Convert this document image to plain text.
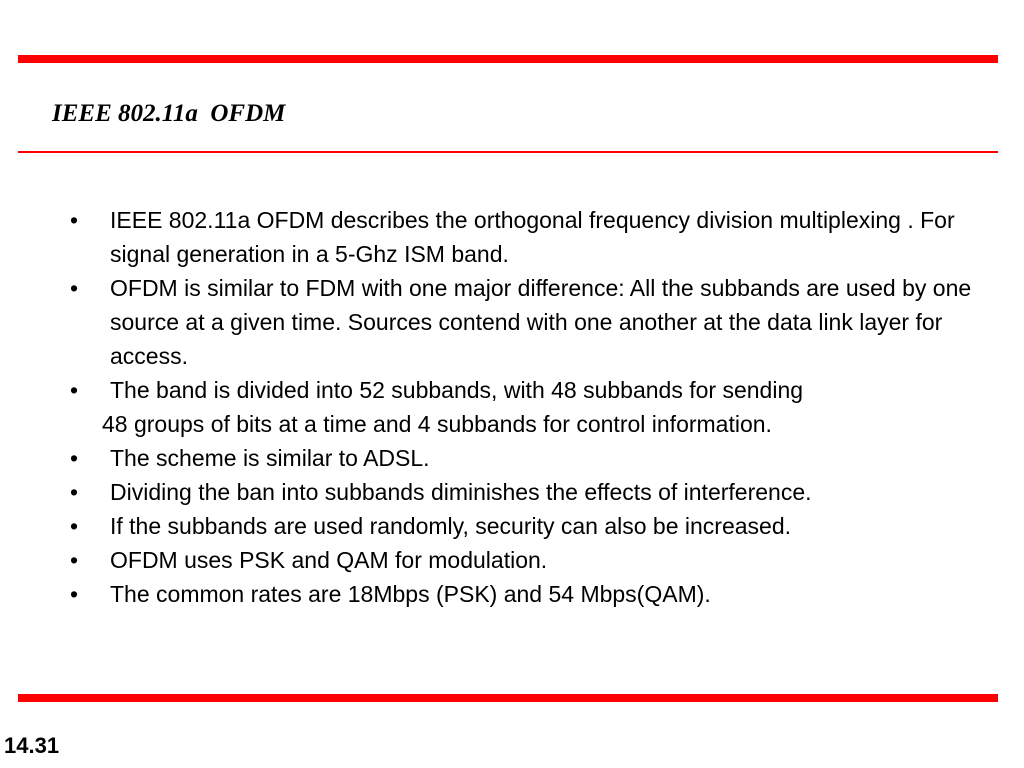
IEEE 802.11a  OFDM
•	IEEE 802.11a OFDM describes the orthogonal frequency division multiplexing . For signal generation in a 5-Ghz ISM band.
•	OFDM is similar to FDM with one major difference: All the subbands are used by one source at a given time. Sources contend with one another at the data link layer for access.
•	The band is divided into 52 subbands, with 48 subbands for sending
48 groups of bits at a time and 4 subbands for control information.
•	The scheme is similar to ADSL.
•	Dividing the ban into subbands diminishes the effects of interference.
•	If the subbands are used randomly, security can also be increased.
•	OFDM uses PSK and QAM for modulation.
•	The common rates are 18Mbps (PSK) and 54 Mbps(QAM).
14.31
